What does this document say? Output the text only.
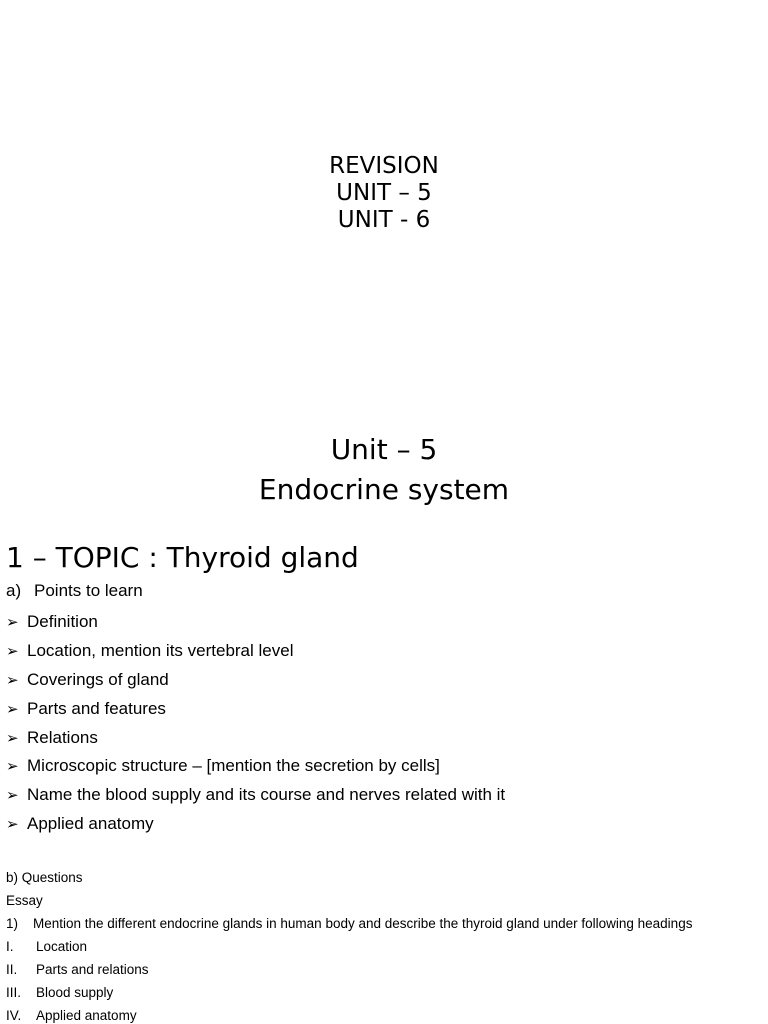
REVISION
UNIT – 5
UNIT - 6
Unit – 5
Endocrine system
1 – TOPIC : Thyroid gland
a) Points to learn
➢ Definition
➢ Location, mention its vertebral level
➢ Coverings of gland
➢ Parts and features
➢ Relations
➢ Microscopic structure – [mention the secretion by cells]
➢ Name the blood supply and its course and nerves related with it
➢ Applied anatomy
b) Questions
Essay
1) Mention the different endocrine glands in human body and describe the thyroid gland under following headings
I. Location
II. Parts and relations
III. Blood supply
IV. Applied anatomy
